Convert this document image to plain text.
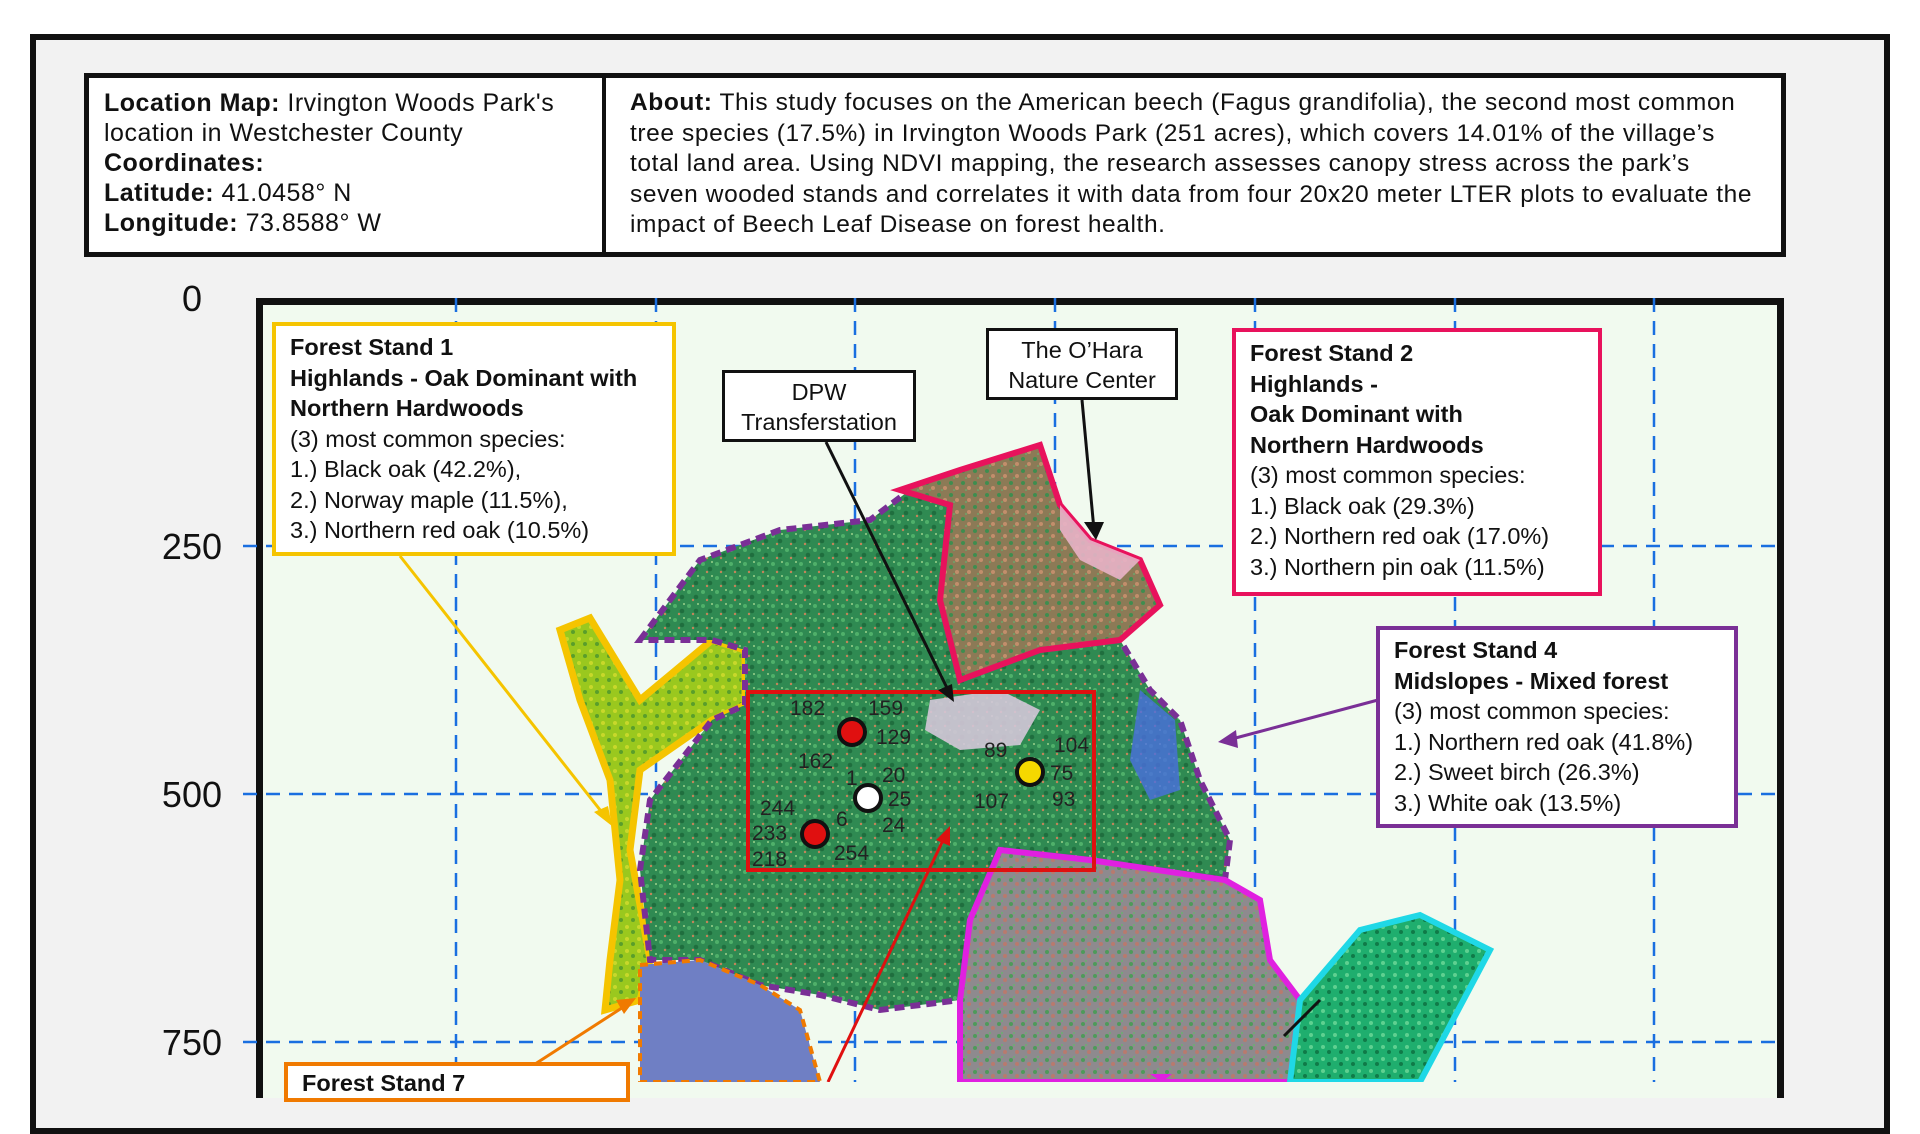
Location Map: Irvington Woods Park's location in Westchester County
Coordinates:
Latitude: 41.0458° N
Longitude: 73.8588° W
About: This study focuses on the American beech (Fagus grandifolia), the second most common tree species (17.5%) in Irvington Woods Park (251 acres), which covers 14.01% of the village’s total land area. Using NDVI mapping, the research assesses canopy stress across the park’s seven wooded stands and correlates it with data from four 20x20 meter LTER plots to evaluate the impact of Beech Leaf Disease on forest health.
0
250
500
750
182 159
129
162
1 20
25
244 6 24
233
218 254
89 104
75
107 93
Forest Stand 1
Highlands - Oak Dominant with
Northern Hardwoods
(3) most common species:
1.) Black oak (42.2%),
2.) Norway maple (11.5%),
3.) Northern red oak (10.5%)
Forest Stand 2
Highlands -
Oak Dominant with
Northern Hardwoods
(3) most common species:
1.) Black oak (29.3%)
2.) Northern red oak (17.0%)
3.) Northern pin oak (11.5%)
Forest Stand 4
Midslopes - Mixed forest
(3) most common species:
1.) Northern red oak (41.8%)
2.) Sweet birch (26.3%)
3.) White oak (13.5%)
Forest Stand 7
DPW
Transferstation
The O’Hara
Nature Center
